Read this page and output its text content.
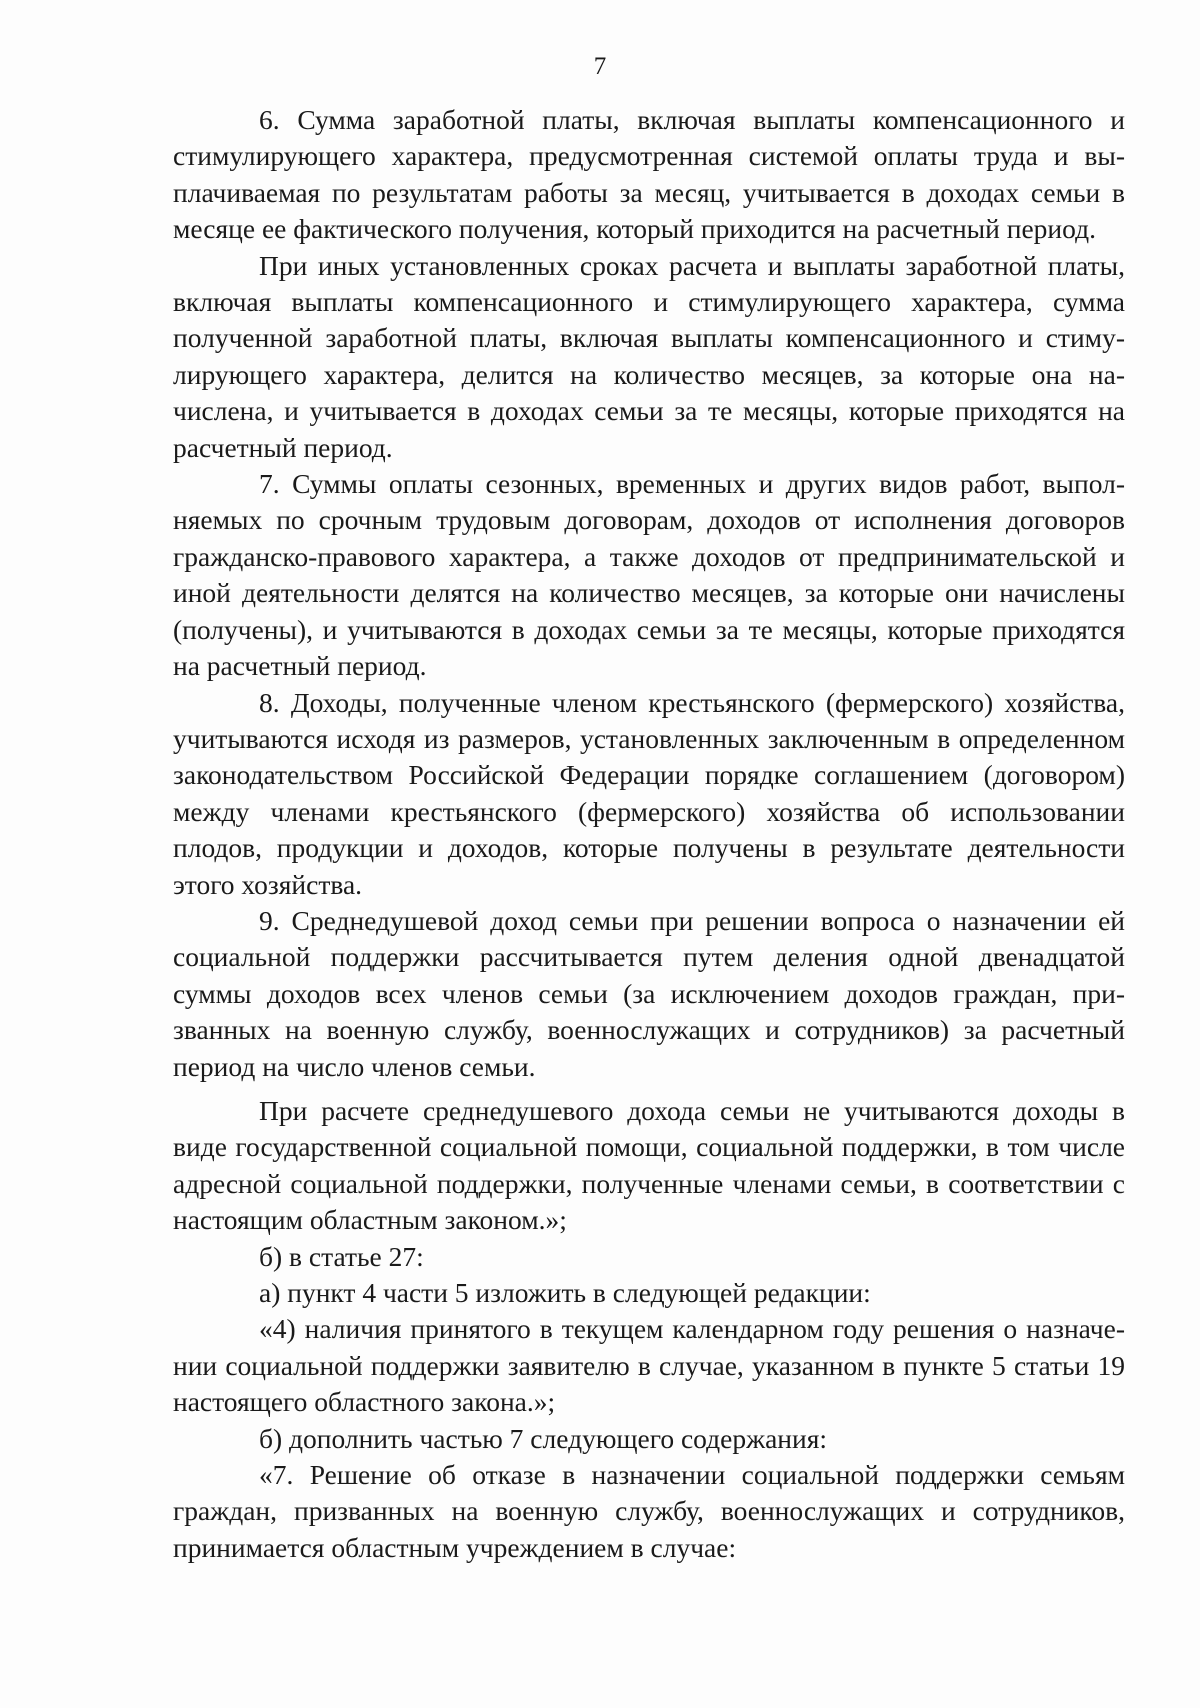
7

6. Сумма заработной платы, включая выплаты компенсационного и стимулирующего характера, предусмотренная системой оплаты труда и выплачиваемая по результатам работы за месяц, учитывается в доходах семьи в месяце ее фактического получения, который приходится на расчетный период.

При иных установленных сроках расчета и выплаты заработной платы, включая выплаты компенсационного и стимулирующего характера, сумма полученной заработной платы, включая выплаты компенсационного и стимулирующего характера, делится на количество месяцев, за которые она начислена, и учитывается в доходах семьи за те месяцы, которые приходятся на расчетный период.

7. Суммы оплаты сезонных, временных и других видов работ, выполняемых по срочным трудовым договорам, доходов от исполнения договоров гражданско-правового характера, а также доходов от предпринимательской и иной деятельности делятся на количество месяцев, за которые они начислены (получены), и учитываются в доходах семьи за те месяцы, которые приходятся на расчетный период.

8. Доходы, полученные членом крестьянского (фермерского) хозяйства, учитываются исходя из размеров, установленных заключенным в определенном законодательством Российской Федерации порядке соглашением (договором) между членами крестьянского (фермерского) хозяйства об использовании плодов, продукции и доходов, которые получены в результате деятельности этого хозяйства.

9. Среднедушевой доход семьи при решении вопроса о назначении ей социальной поддержки рассчитывается путем деления одной двенадцатой суммы доходов всех членов семьи (за исключением доходов граждан, призванных на военную службу, военнослужащих и сотрудников) за расчетный период на число членов семьи.

При расчете среднедушевого дохода семьи не учитываются доходы в виде государственной социальной помощи, социальной поддержки, в том числе адресной социальной поддержки, полученные членами семьи, в соответствии с настоящим областным законом.»;

б) в статье 27:

а) пункт 4 части 5 изложить в следующей редакции:

«4) наличия принятого в текущем календарном году решения о назначении социальной поддержки заявителю в случае, указанном в пункте 5 статьи 19 настоящего областного закона.»;

б) дополнить частью 7 следующего содержания:

«7. Решение об отказе в назначении социальной поддержки семьям граждан, призванных на военную службу, военнослужащих и сотрудников, принимается областным учреждением в случае:
